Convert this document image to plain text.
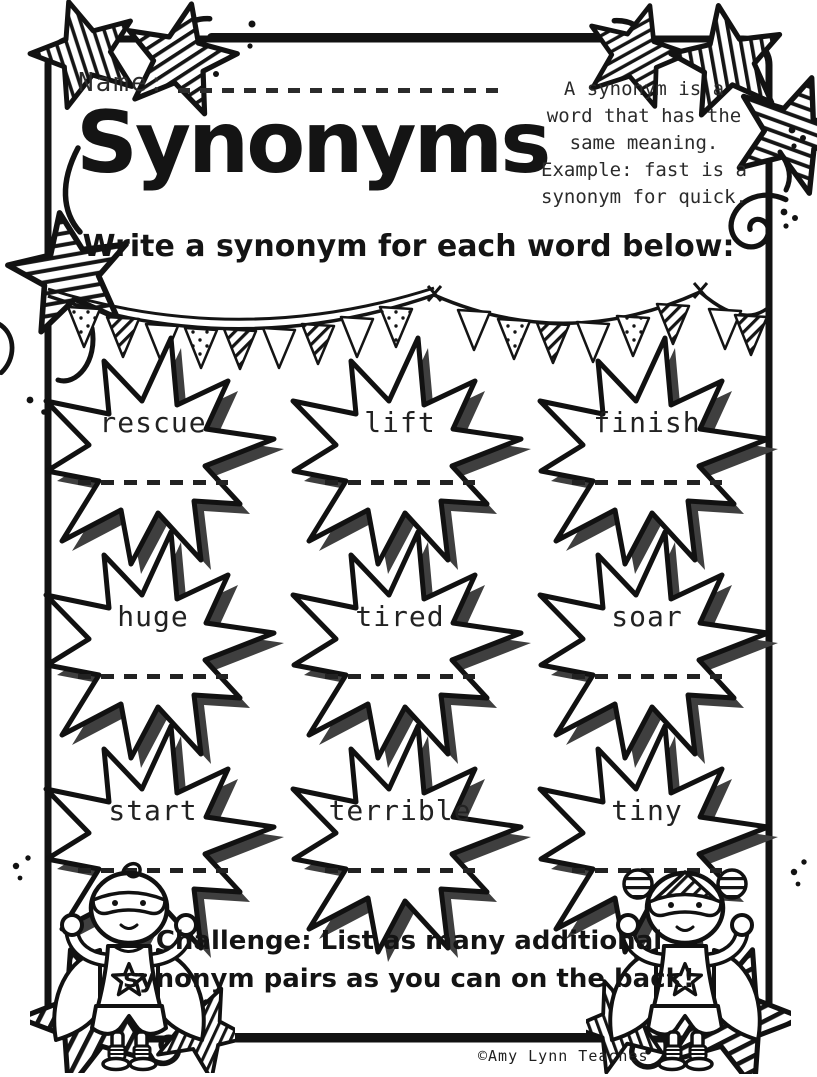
Name:
Synonyms
A synonym is a
word that has the
same meaning.
Example: fast is a
synonym for quick.
Write a synonym for each word below:
rescue	lift	finish
huge	tired	soar
start	terrible	tiny
Challenge: List as many additional
synonym pairs as you can on the back!
©Amy Lynn Teaches
